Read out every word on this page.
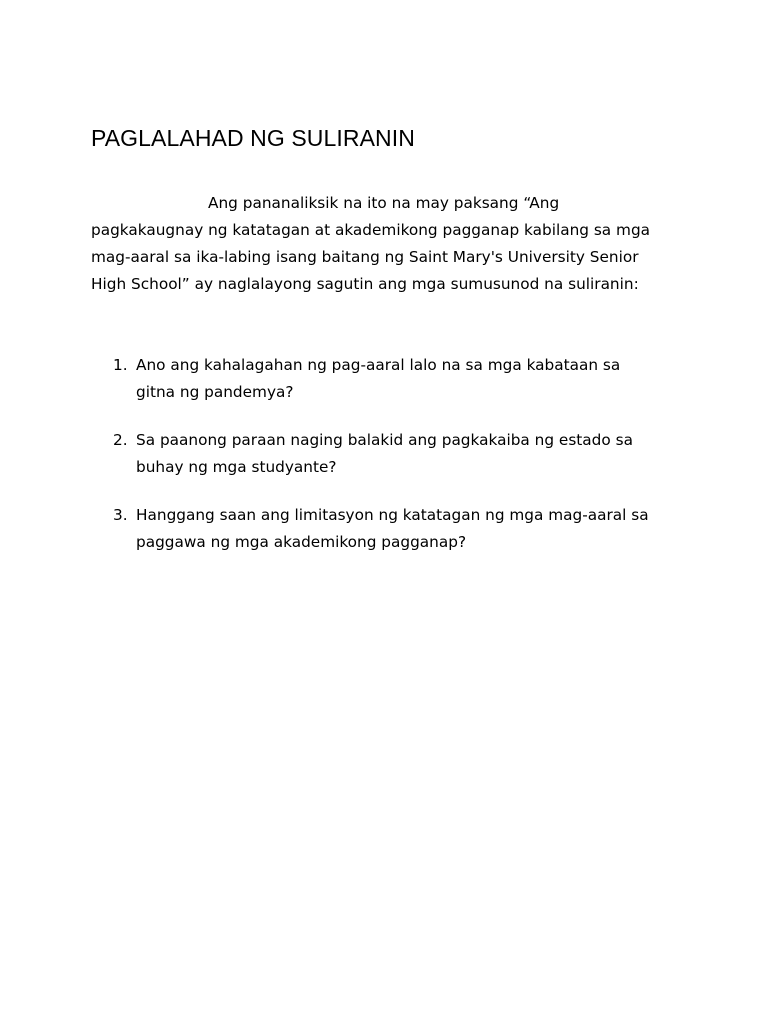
PAGLALAHAD NG SULIRANIN

Ang pananaliksik na ito na may paksang “Ang
pagkakaugnay ng katatagan at akademikong pagganap kabilang sa mga
mag-aaral sa ika-labing isang baitang ng Saint Mary's University Senior
High School” ay naglalayong sagutin ang mga sumusunod na suliranin:

1. Ano ang kahalagahan ng pag-aaral lalo na sa mga kabataan sa
gitna ng pandemya?
2. Sa paanong paraan naging balakid ang pagkakaiba ng estado sa
buhay ng mga studyante?
3. Hanggang saan ang limitasyon ng katatagan ng mga mag-aaral sa
paggawa ng mga akademikong pagganap?
